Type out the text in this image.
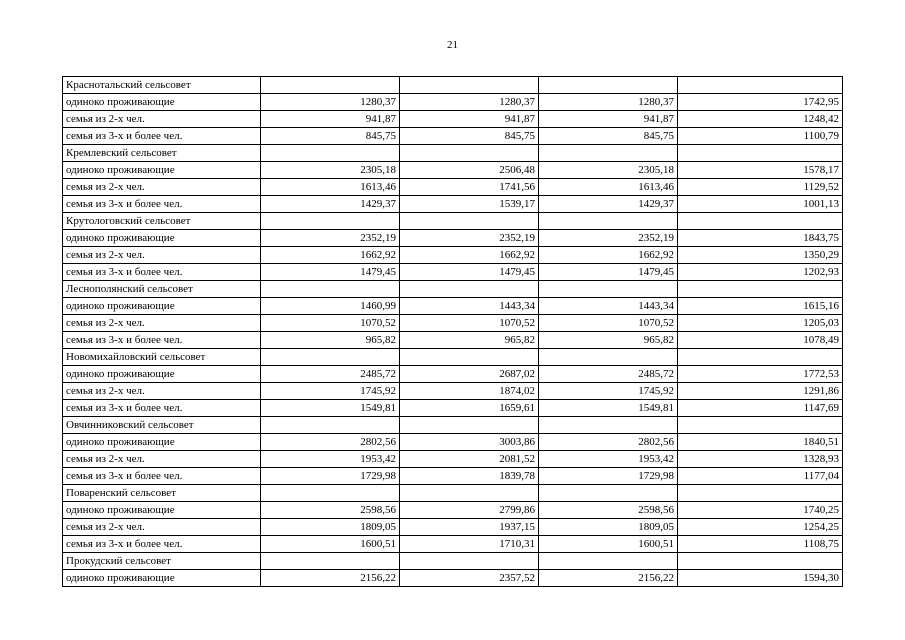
21
Краснотальский сельсовет				
одиноко проживающие	1280,37	1280,37	1280,37	1742,95
семья из 2-х чел.	941,87	941,87	941,87	1248,42
семья из 3-х и более чел.	845,75	845,75	845,75	1100,79
Кремлевский сельсовет				
одиноко проживающие	2305,18	2506,48	2305,18	1578,17
семья из 2-х чел.	1613,46	1741,56	1613,46	1129,52
семья из 3-х и более чел.	1429,37	1539,17	1429,37	1001,13
Крутологовский сельсовет				
одиноко проживающие	2352,19	2352,19	2352,19	1843,75
семья из 2-х чел.	1662,92	1662,92	1662,92	1350,29
семья из 3-х и более чел.	1479,45	1479,45	1479,45	1202,93
Леснополянский сельсовет				
одиноко проживающие	1460,99	1443,34	1443,34	1615,16
семья из 2-х чел.	1070,52	1070,52	1070,52	1205,03
семья из 3-х и более чел.	965,82	965,82	965,82	1078,49
Новомихайловский сельсовет				
одиноко проживающие	2485,72	2687,02	2485,72	1772,53
семья из 2-х чел.	1745,92	1874,02	1745,92	1291,86
семья из 3-х и более чел.	1549,81	1659,61	1549,81	1147,69
Овчинниковский сельсовет				
одиноко проживающие	2802,56	3003,86	2802,56	1840,51
семья из 2-х чел.	1953,42	2081,52	1953,42	1328,93
семья из 3-х и более чел.	1729,98	1839,78	1729,98	1177,04
Поваренский сельсовет				
одиноко проживающие	2598,56	2799,86	2598,56	1740,25
семья из 2-х чел.	1809,05	1937,15	1809,05	1254,25
семья из 3-х и более чел.	1600,51	1710,31	1600,51	1108,75
Прокудский сельсовет				
одиноко проживающие	2156,22	2357,52	2156,22	1594,30
